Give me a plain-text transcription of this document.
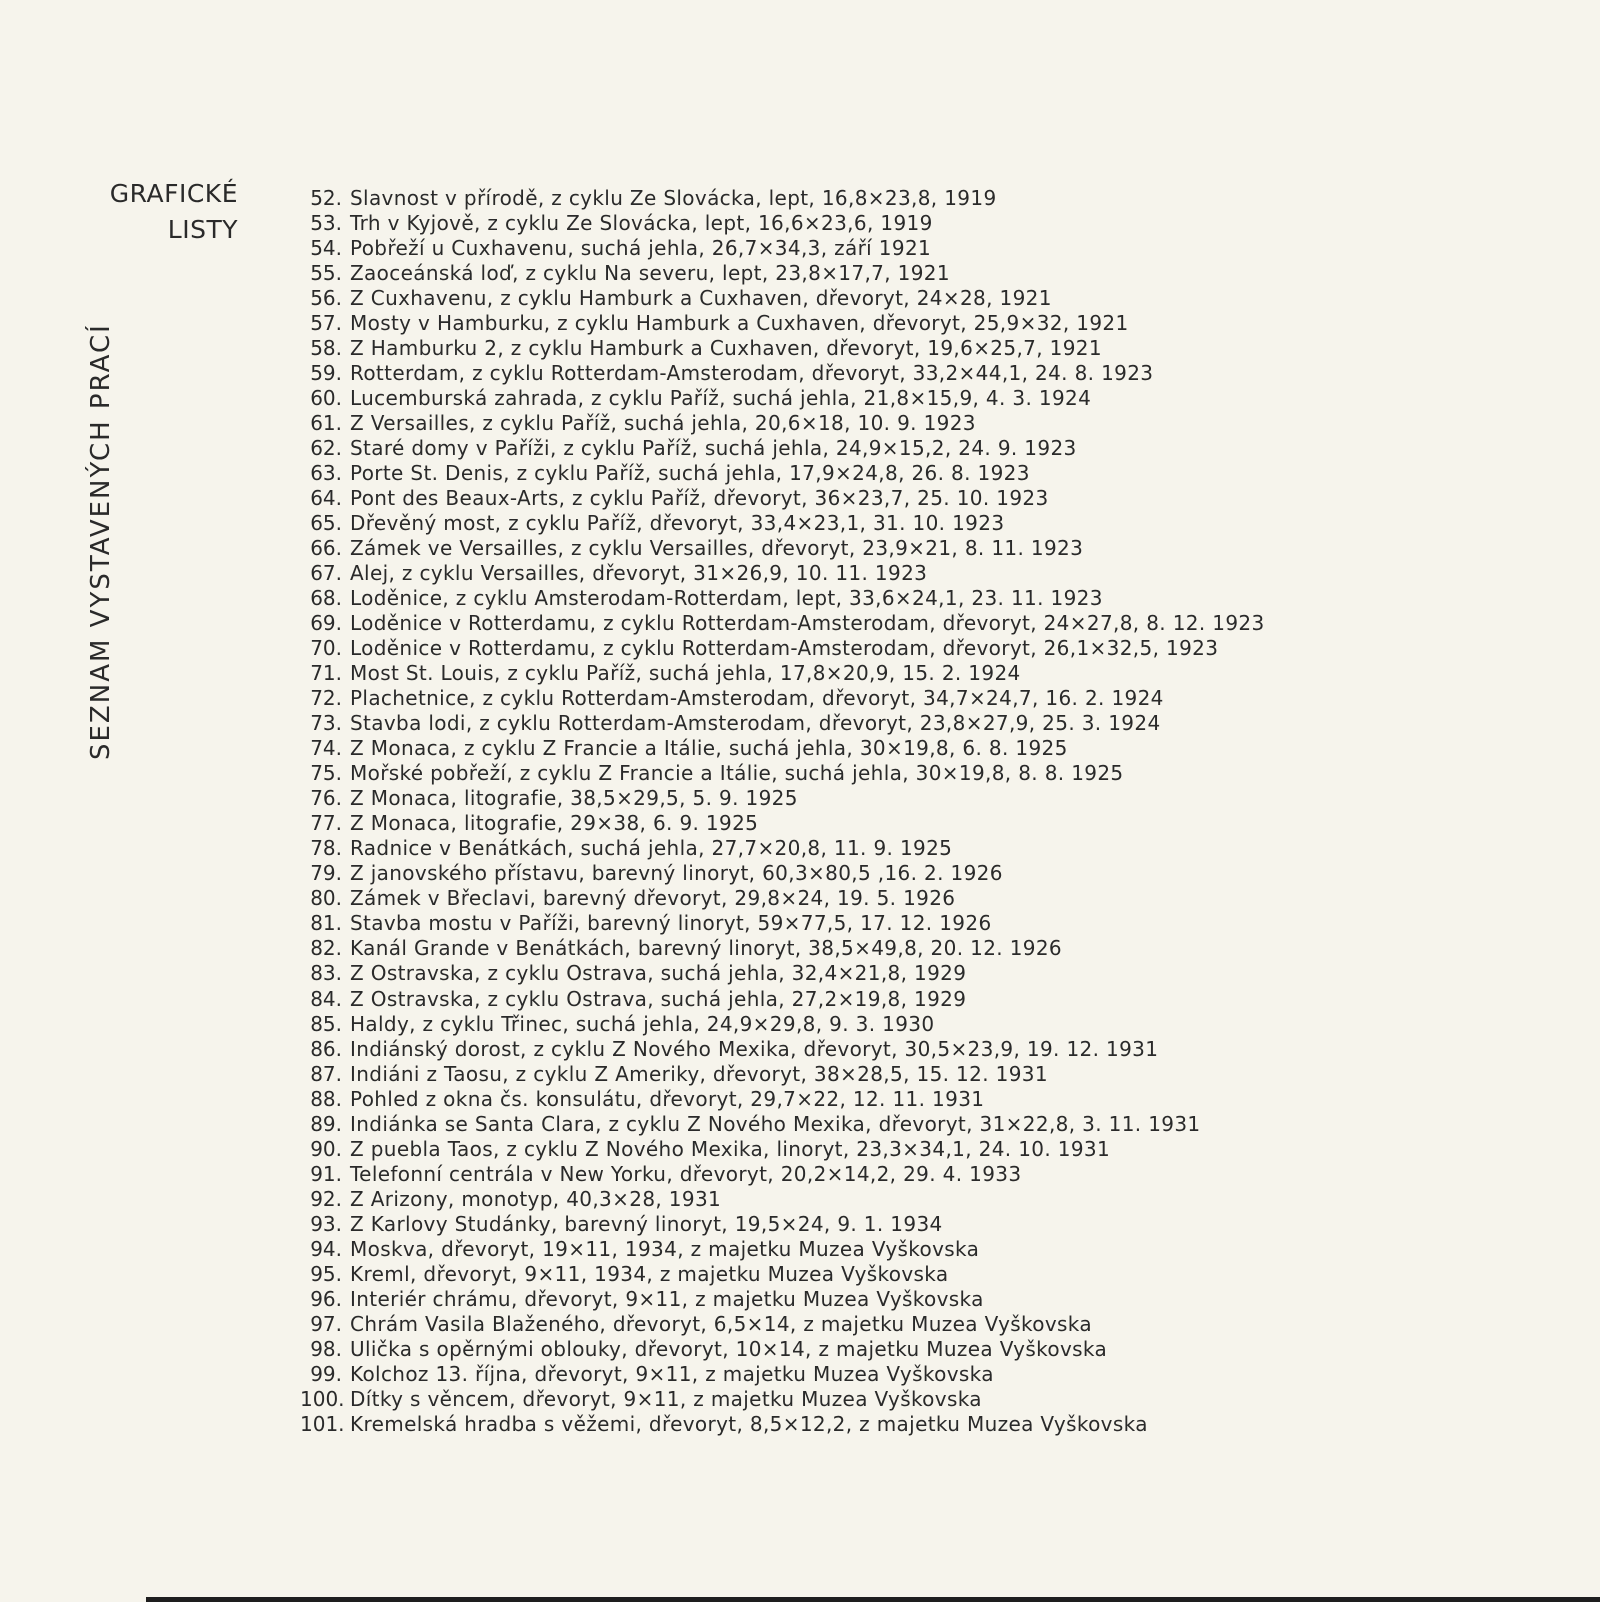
GRAFICKÉ
LISTY
SEZNAM VYSTAVENÝCH PRACÍ
52. Slavnost v přírodě, z cyklu Ze Slovácka, lept, 16,8×23,8, 1919
53. Trh v Kyjově, z cyklu Ze Slovácka, lept, 16,6×23,6, 1919
54. Pobřeží u Cuxhavenu, suchá jehla, 26,7×34,3, září 1921
55. Zaoceánská loď, z cyklu Na severu, lept, 23,8×17,7, 1921
56. Z Cuxhavenu, z cyklu Hamburk a Cuxhaven, dřevoryt, 24×28, 1921
57. Mosty v Hamburku, z cyklu Hamburk a Cuxhaven, dřevoryt, 25,9×32, 1921
58. Z Hamburku 2, z cyklu Hamburk a Cuxhaven, dřevoryt, 19,6×25,7, 1921
59. Rotterdam, z cyklu Rotterdam-Amsterodam, dřevoryt, 33,2×44,1, 24. 8. 1923
60. Lucemburská zahrada, z cyklu Paříž, suchá jehla, 21,8×15,9, 4. 3. 1924
61. Z Versailles, z cyklu Paříž, suchá jehla, 20,6×18, 10. 9. 1923
62. Staré domy v Paříži, z cyklu Paříž, suchá jehla, 24,9×15,2, 24. 9. 1923
63. Porte St. Denis, z cyklu Paříž, suchá jehla, 17,9×24,8, 26. 8. 1923
64. Pont des Beaux-Arts, z cyklu Paříž, dřevoryt, 36×23,7, 25. 10. 1923
65. Dřevěný most, z cyklu Paříž, dřevoryt, 33,4×23,1, 31. 10. 1923
66. Zámek ve Versailles, z cyklu Versailles, dřevoryt, 23,9×21, 8. 11. 1923
67. Alej, z cyklu Versailles, dřevoryt, 31×26,9, 10. 11. 1923
68. Loděnice, z cyklu Amsterodam-Rotterdam, lept, 33,6×24,1, 23. 11. 1923
69. Loděnice v Rotterdamu, z cyklu Rotterdam-Amsterodam, dřevoryt, 24×27,8, 8. 12. 1923
70. Loděnice v Rotterdamu, z cyklu Rotterdam-Amsterodam, dřevoryt, 26,1×32,5, 1923
71. Most St. Louis, z cyklu Paříž, suchá jehla, 17,8×20,9, 15. 2. 1924
72. Plachetnice, z cyklu Rotterdam-Amsterodam, dřevoryt, 34,7×24,7, 16. 2. 1924
73. Stavba lodi, z cyklu Rotterdam-Amsterodam, dřevoryt, 23,8×27,9, 25. 3. 1924
74. Z Monaca, z cyklu Z Francie a Itálie, suchá jehla, 30×19,8, 6. 8. 1925
75. Mořské pobřeží, z cyklu Z Francie a Itálie, suchá jehla, 30×19,8, 8. 8. 1925
76. Z Monaca, litografie, 38,5×29,5, 5. 9. 1925
77. Z Monaca, litografie, 29×38, 6. 9. 1925
78. Radnice v Benátkách, suchá jehla, 27,7×20,8, 11. 9. 1925
79. Z janovského přístavu, barevný linoryt, 60,3×80,5 ,16. 2. 1926
80. Zámek v Břeclavi, barevný dřevoryt, 29,8×24, 19. 5. 1926
81. Stavba mostu v Paříži, barevný linoryt, 59×77,5, 17. 12. 1926
82. Kanál Grande v Benátkách, barevný linoryt, 38,5×49,8, 20. 12. 1926
83. Z Ostravska, z cyklu Ostrava, suchá jehla, 32,4×21,8, 1929
84. Z Ostravska, z cyklu Ostrava, suchá jehla, 27,2×19,8, 1929
85. Haldy, z cyklu Třinec, suchá jehla, 24,9×29,8, 9. 3. 1930
86. Indiánský dorost, z cyklu Z Nového Mexika, dřevoryt, 30,5×23,9, 19. 12. 1931
87. Indiáni z Taosu, z cyklu Z Ameriky, dřevoryt, 38×28,5, 15. 12. 1931
88. Pohled z okna čs. konsulátu, dřevoryt, 29,7×22, 12. 11. 1931
89. Indiánka se Santa Clara, z cyklu Z Nového Mexika, dřevoryt, 31×22,8, 3. 11. 1931
90. Z puebla Taos, z cyklu Z Nového Mexika, linoryt, 23,3×34,1, 24. 10. 1931
91. Telefonní centrála v New Yorku, dřevoryt, 20,2×14,2, 29. 4. 1933
92. Z Arizony, monotyp, 40,3×28, 1931
93. Z Karlovy Studánky, barevný linoryt, 19,5×24, 9. 1. 1934
94. Moskva, dřevoryt, 19×11, 1934, z majetku Muzea Vyškovska
95. Kreml, dřevoryt, 9×11, 1934, z majetku Muzea Vyškovska
96. Interiér chrámu, dřevoryt, 9×11, z majetku Muzea Vyškovska
97. Chrám Vasila Blaženého, dřevoryt, 6,5×14, z majetku Muzea Vyškovska
98. Ulička s opěrnými oblouky, dřevoryt, 10×14, z majetku Muzea Vyškovska
99. Kolchoz 13. října, dřevoryt, 9×11, z majetku Muzea Vyškovska
100. Dítky s věncem, dřevoryt, 9×11, z majetku Muzea Vyškovska
101. Kremelská hradba s věžemi, dřevoryt, 8,5×12,2, z majetku Muzea Vyškovska
